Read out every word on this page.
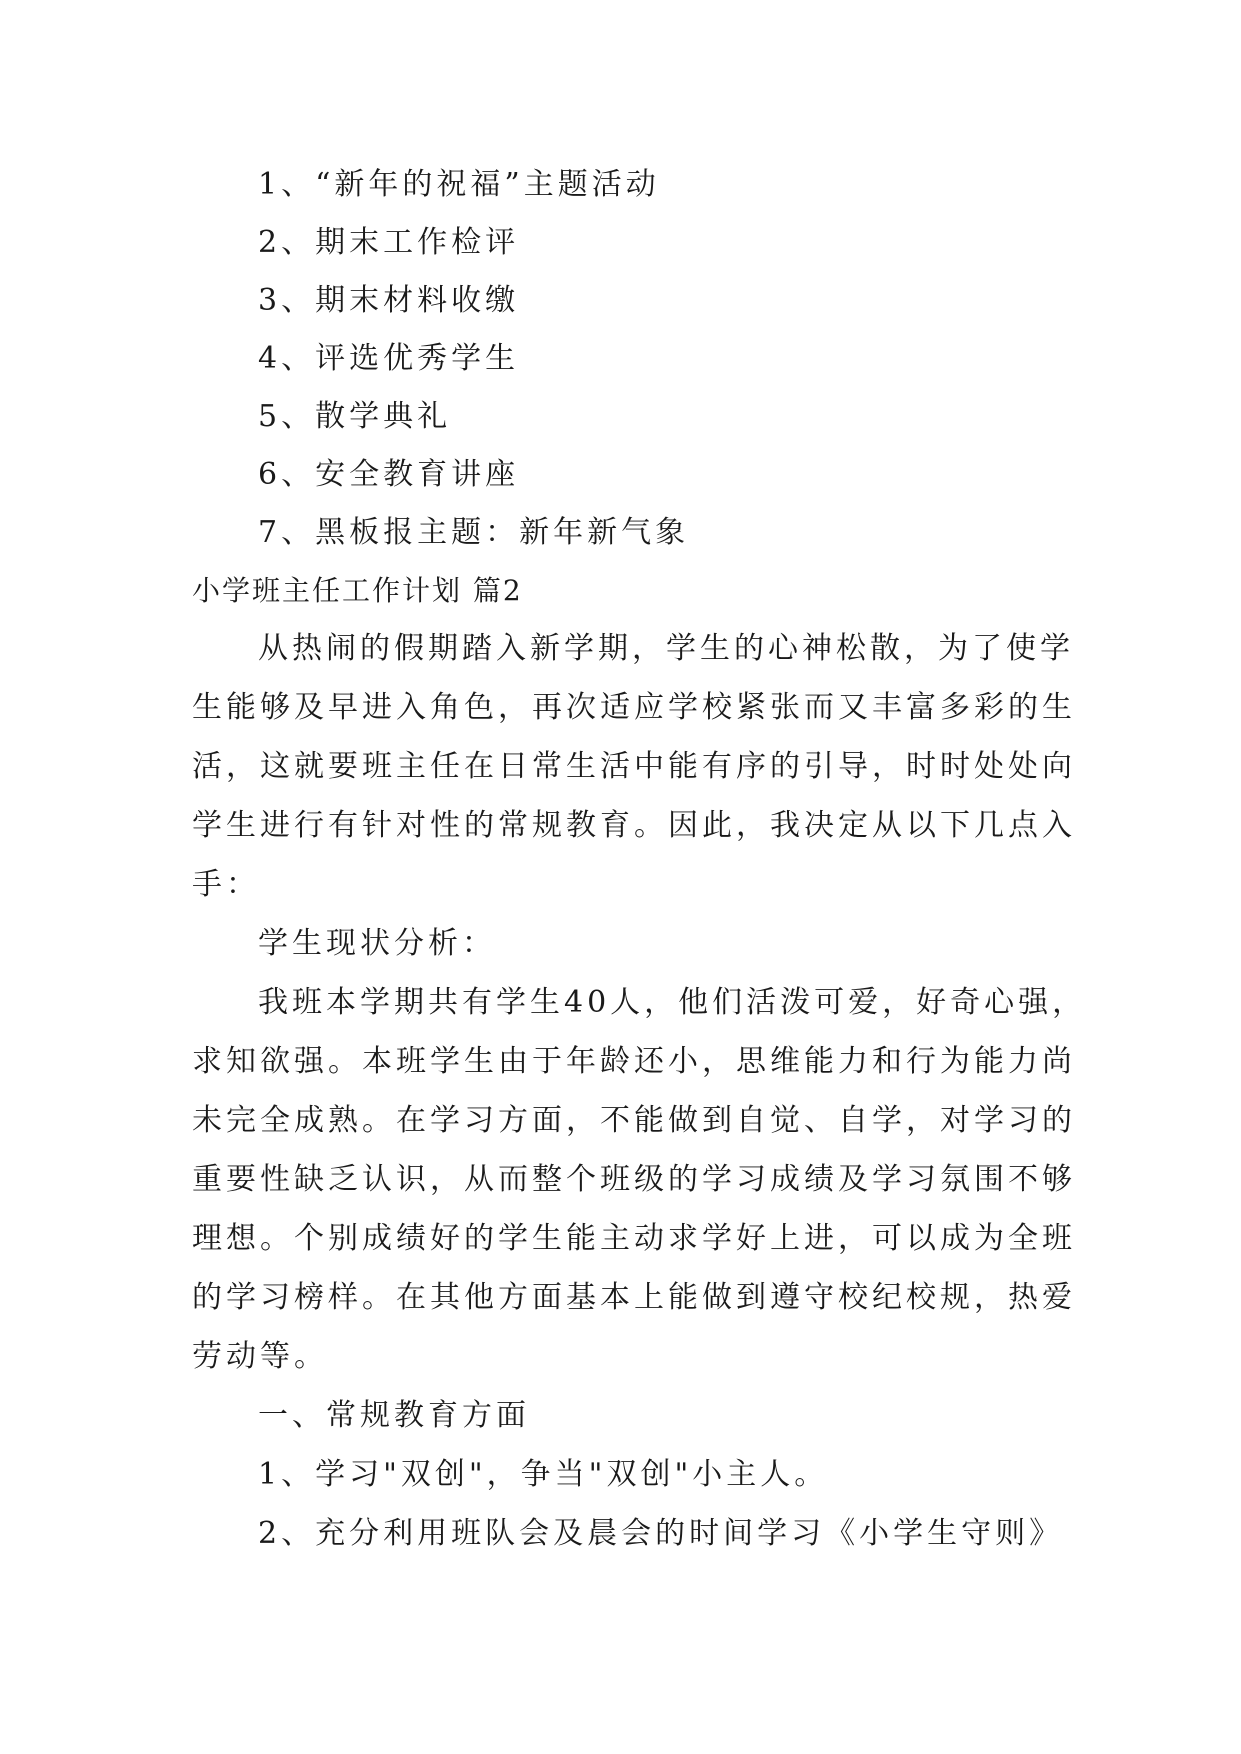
1、“新年的祝福”主题活动
2、期末工作检评
3、期末材料收缴
4、评选优秀学生
5、散学典礼
6、安全教育讲座
7、黑板报主题：新年新气象
小学班主任工作计划 篇2
从热闹的假期踏入新学期，学生的心神松散，为了使学
生能够及早进入角色，再次适应学校紧张而又丰富多彩的生
活，这就要班主任在日常生活中能有序的引导，时时处处向
学生进行有针对性的常规教育。因此，我决定从以下几点入
手：
学生现状分析：
我班本学期共有学生40人，他们活泼可爱，好奇心强，
求知欲强。本班学生由于年龄还小，思维能力和行为能力尚
未完全成熟。在学习方面，不能做到自觉、自学，对学习的
重要性缺乏认识，从而整个班级的学习成绩及学习氛围不够
理想。个别成绩好的学生能主动求学好上进，可以成为全班
的学习榜样。在其他方面基本上能做到遵守校纪校规，热爱
劳动等。
一、常规教育方面
1、学习"双创"，争当"双创"小主人。
2、充分利用班队会及晨会的时间学习《小学生守则》
